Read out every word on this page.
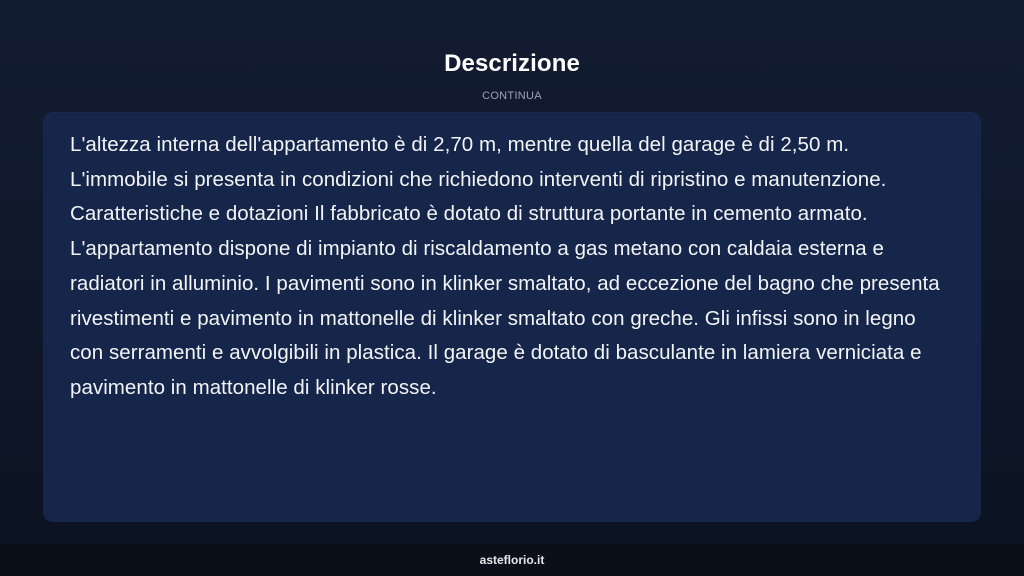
Descrizione
CONTINUA
L'altezza interna dell'appartamento è di 2,70 m, mentre quella del garage è di 2,50 m. L'immobile si presenta in condizioni che richiedono interventi di ripristino e manutenzione. Caratteristiche e dotazioni Il fabbricato è dotato di struttura portante in cemento armato. L'appartamento dispone di impianto di riscaldamento a gas metano con caldaia esterna e radiatori in alluminio. I pavimenti sono in klinker smaltato, ad eccezione del bagno che presenta rivestimenti e pavimento in mattonelle di klinker smaltato con greche. Gli infissi sono in legno con serramenti e avvolgibili in plastica. Il garage è dotato di basculante in lamiera verniciata e pavimento in mattonelle di klinker rosse.
asteflorio.it
